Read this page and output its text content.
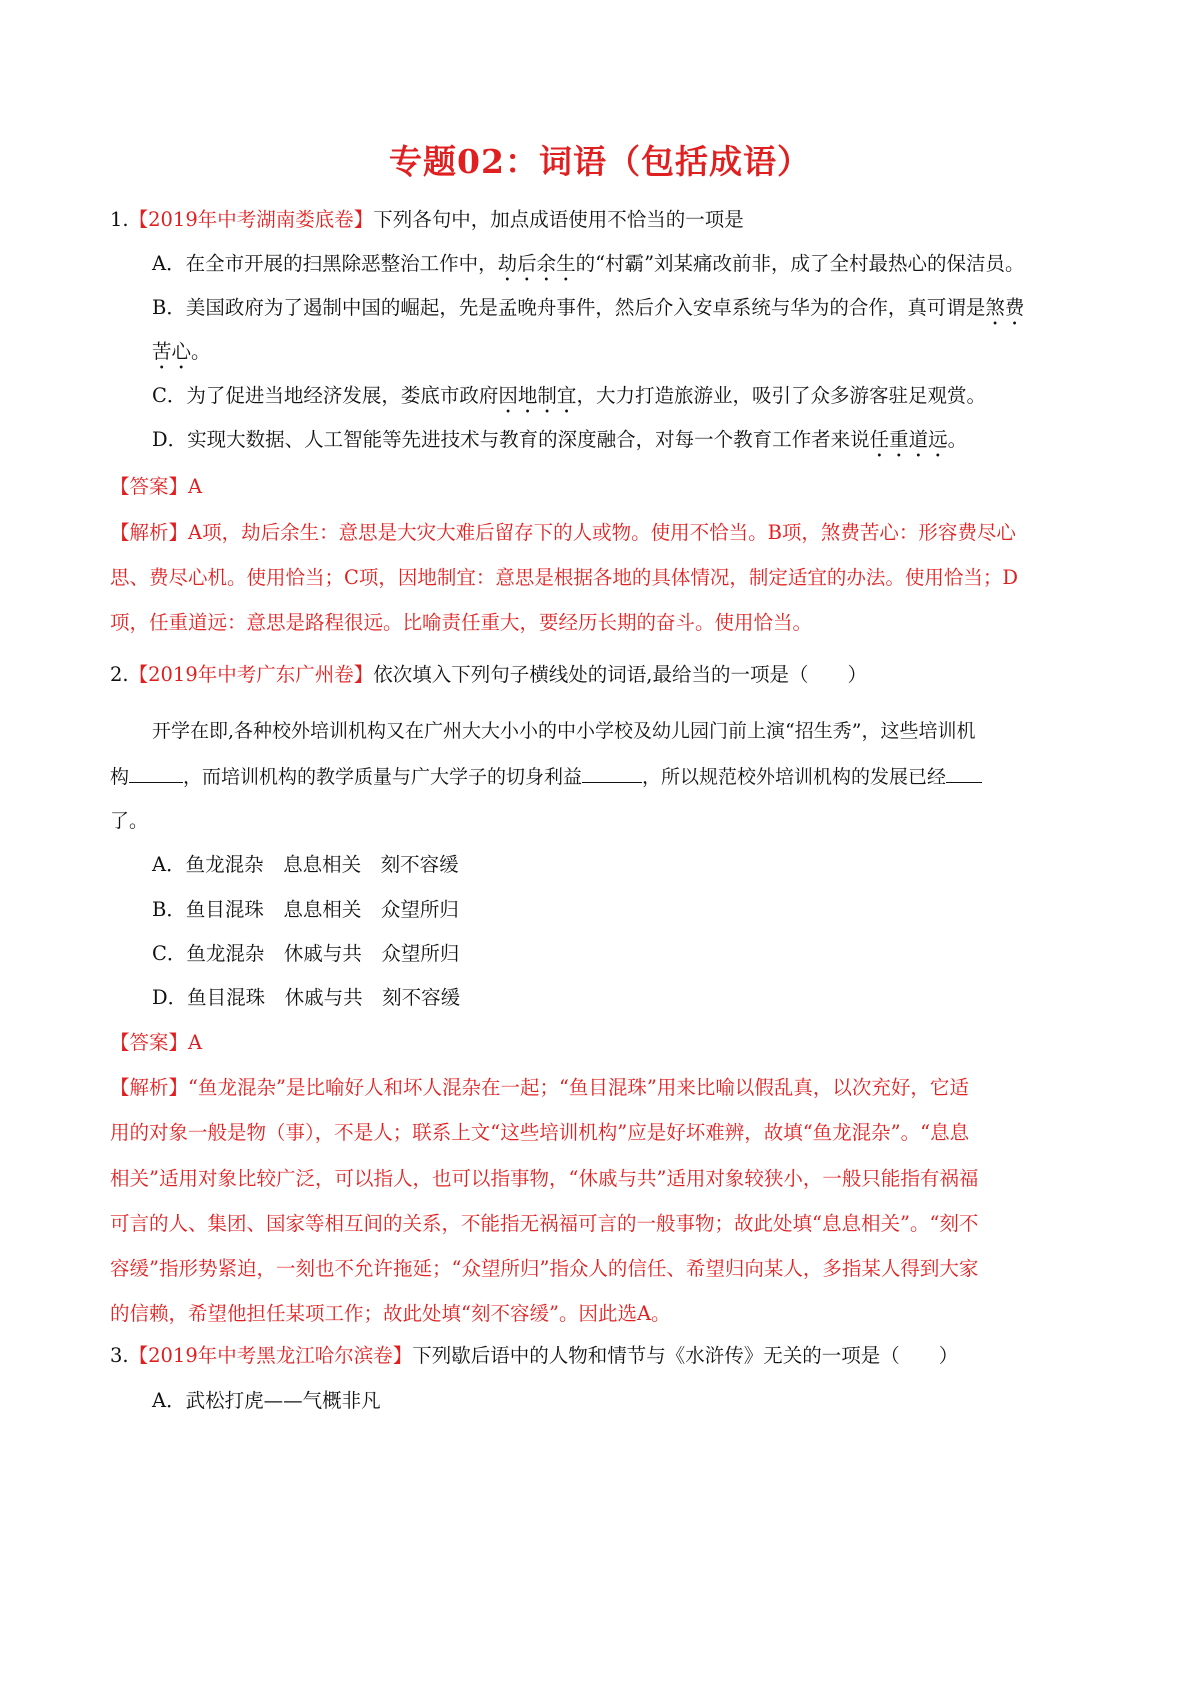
专题02：词语（包括成语）
1.【2019年中考湖南娄底卷】下列各句中，加点成语使用不恰当的一项是
A．在全市开展的扫黑除恶整治工作中，劫后余生的“村霸”刘某痛改前非，成了全村最热心的保洁员。
B．美国政府为了遏制中国的崛起，先是孟晚舟事件，然后介入安卓系统与华为的合作，真可谓是煞费
苦心。
C．为了促进当地经济发展，娄底市政府因地制宜，大力打造旅游业，吸引了众多游客驻足观赏。
D．实现大数据、人工智能等先进技术与教育的深度融合，对每一个教育工作者来说任重道远。
【答案】A
【解析】A项，劫后余生：意思是大灾大难后留存下的人或物。使用不恰当。B项，煞费苦心：形容费尽心
思、费尽心机。使用恰当；C项，因地制宜：意思是根据各地的具体情况，制定适宜的办法。使用恰当；D
项，任重道远：意思是路程很远。比喻责任重大，要经历长期的奋斗。使用恰当。
2.【2019年中考广东广州卷】依次填入下列句子横线处的词语,最给当的一项是（　　）
开学在即,各种校外培训机构又在广州大大小小的中小学校及幼儿园门前上演“招生秀”，这些培训机
构	，而培训机构的教学质量与广大学子的切身利益	，所以规范校外培训机构的发展已经
了。
A．鱼龙混杂　息息相关　刻不容缓
B．鱼目混珠　息息相关　众望所归
C．鱼龙混杂　休戚与共　众望所归
D．鱼目混珠　休戚与共　刻不容缓
【答案】A
【解析】“鱼龙混杂”是比喻好人和坏人混杂在一起；“鱼目混珠”用来比喻以假乱真，以次充好，它适
用的对象一般是物（事），不是人；联系上文“这些培训机构”应是好坏难辨，故填“鱼龙混杂”。“息息
相关”适用对象比较广泛，可以指人，也可以指事物，“休戚与共”适用对象较狭小，一般只能指有祸福
可言的人、集团、国家等相互间的关系，不能指无祸福可言的一般事物；故此处填“息息相关”。“刻不
容缓”指形势紧迫，一刻也不允许拖延；“众望所归”指众人的信任、希望归向某人，多指某人得到大家
的信赖，希望他担任某项工作；故此处填“刻不容缓”。因此选A。
3.【2019年中考黑龙江哈尔滨卷】下列歇后语中的人物和情节与《水浒传》无关的一项是（　　）
A．武松打虎——气概非凡
